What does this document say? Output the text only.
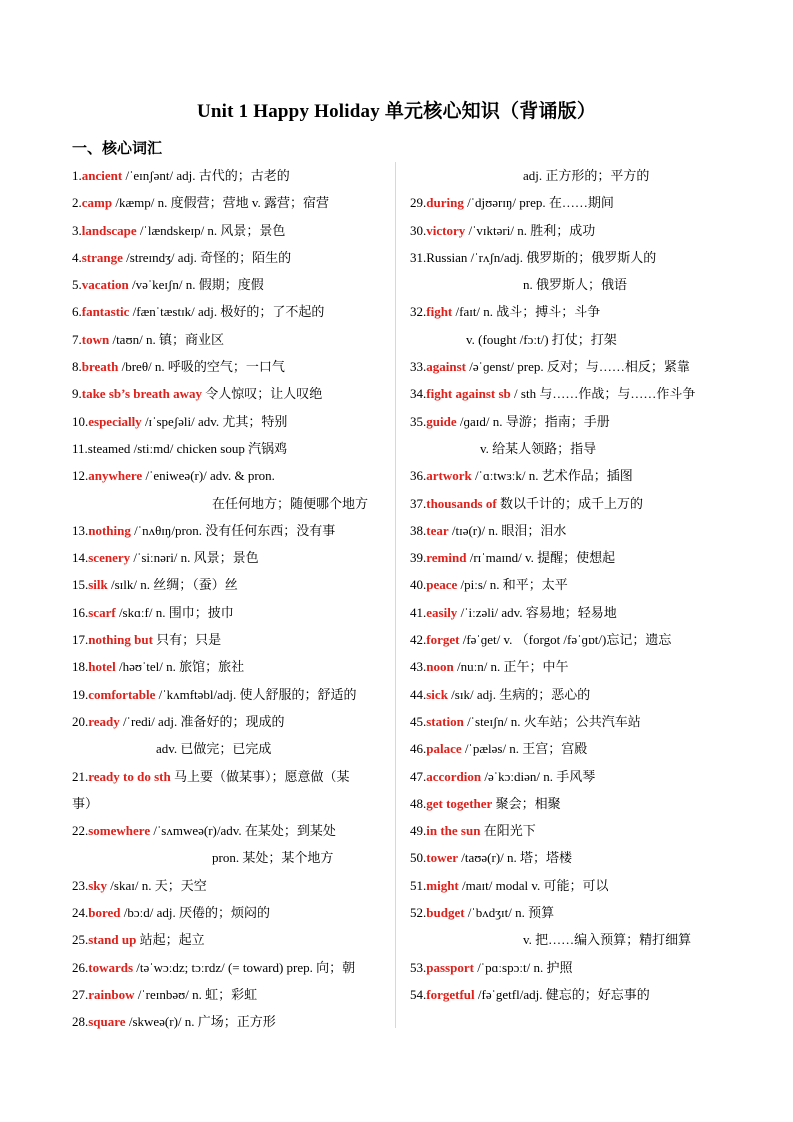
Unit 1 Happy Holiday 单元核心知识（背诵版）
一、核心词汇
1.ancient /ˈeɪnʃənt/ adj. 古代的；古老的
2.camp /kæmp/ n. 度假营；营地 v. 露营；宿营
3.landscape /ˈlændskeɪp/ n. 风景；景色
4.strange /streɪndʒ/ adj. 奇怪的；陌生的
5.vacation /vəˈkeɪʃn/ n. 假期；度假
6.fantastic /fænˈtæstɪk/ adj. 极好的；了不起的
7.town /taʊn/ n. 镇；商业区
8.breath /breθ/ n. 呼吸的空气；一口气
9.take sb’s breath away 令人惊叹；让人叹绝
10.especially /ɪˈspeʃəli/ adv. 尤其；特别
11.steamed /stiːmd/ chicken soup 汽锅鸡
12.anywhere /ˈeniweə(r)/ adv. & pron.
在任何地方；随便哪个地方
13.nothing /ˈnʌθɪŋ/pron. 没有任何东西；没有事
14.scenery /ˈsiːnəri/ n. 风景；景色
15.silk /sɪlk/ n. 丝绸；（蚕）丝
16.scarf /skɑːf/ n. 围巾；披巾
17.nothing but 只有；只是
18.hotel /həʊˈtel/ n. 旅馆；旅社
19.comfortable /ˈkʌmftəbl/adj. 使人舒服的；舒适的
20.ready /ˈredi/ adj. 准备好的；现成的
adv. 已做完；已完成
21.ready to do sth 马上要（做某事）；愿意做（某
事）
22.somewhere /ˈsʌmweə(r)/adv. 在某处；到某处
pron. 某处；某个地方
23.sky /skaɪ/ n. 天；天空
24.bored /bɔːd/ adj. 厌倦的；烦闷的
25.stand up 站起；起立
26.towards /təˈwɔːdz; tɔːrdz/ (= toward) prep. 向；朝
27.rainbow /ˈreɪnbəʊ/ n. 虹；彩虹
28.square /skweə(r)/ n. 广场；正方形
adj. 正方形的；平方的
29.during /ˈdjʊərɪŋ/ prep. 在……期间
30.victory /ˈvɪktəri/ n. 胜利；成功
31.Russian /ˈrʌʃn/adj. 俄罗斯的；俄罗斯人的
n. 俄罗斯人；俄语
32.fight /faɪt/ n. 战斗；搏斗；斗争
v. (fought /fɔːt/) 打仗；打架
33.against /əˈɡenst/ prep. 反对；与……相反；紧靠
34.fight against sb / sth 与……作战；与……作斗争
35.guide /ɡaɪd/ n. 导游；指南；手册
v. 给某人领路；指导
36.artwork /ˈɑːtwɜːk/ n. 艺术作品；插图
37.thousands of 数以千计的；成千上万的
38.tear /tɪə(r)/ n. 眼泪；泪水
39.remind /rɪˈmaɪnd/ v. 提醒；使想起
40.peace /piːs/ n. 和平；太平
41.easily /ˈiːzəli/ adv. 容易地；轻易地
42.forget /fəˈɡet/ v. （forgot /fəˈɡɒt/)忘记；遗忘
43.noon /nuːn/ n. 正午；中午
44.sick /sɪk/ adj. 生病的；恶心的
45.station /ˈsteɪʃn/ n. 火车站；公共汽车站
46.palace /ˈpæləs/ n. 王宫；宫殿
47.accordion /əˈkɔːdiən/ n. 手风琴
48.get together 聚会；相聚
49.in the sun 在阳光下
50.tower /taʊə(r)/ n. 塔；塔楼
51.might /maɪt/ modal v. 可能；可以
52.budget /ˈbʌdʒɪt/ n. 预算
v. 把……编入预算；精打细算
53.passport /ˈpɑːspɔːt/ n. 护照
54.forgetful /fəˈgetfl/adj. 健忘的；好忘事的
